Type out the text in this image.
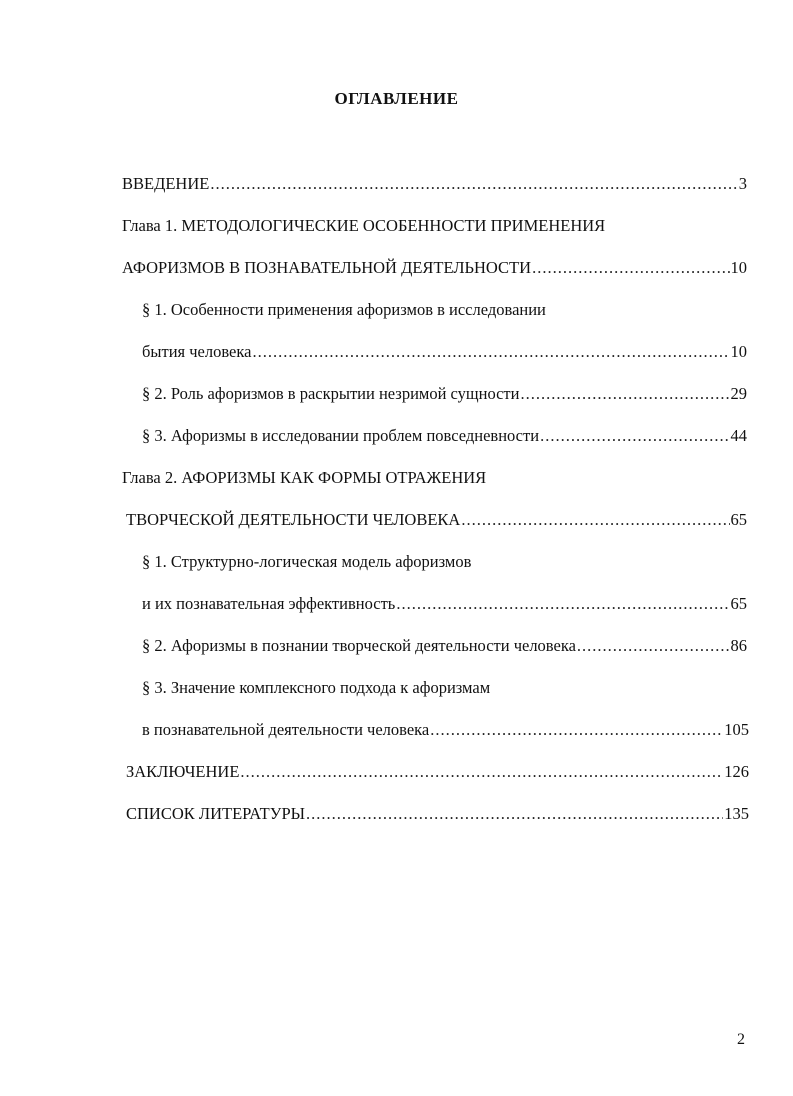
ОГЛАВЛЕНИЕ
ВВЕДЕНИЕ .....	3
Глава 1. МЕТОДОЛОГИЧЕСКИЕ ОСОБЕННОСТИ ПРИМЕНЕНИЯ
АФОРИЗМОВ В ПОЗНАВАТЕЛЬНОЙ ДЕЯТЕЛЬНОСТИ .....	10
§ 1. Особенности применения афоризмов в исследовании
бытия человека .....	10
§ 2. Роль афоризмов в раскрытии незримой сущности .....	29
§ 3. Афоризмы в исследовании проблем повседневности .....	44
Глава 2. АФОРИЗМЫ КАК ФОРМЫ ОТРАЖЕНИЯ
ТВОРЧЕСКОЙ ДЕЯТЕЛЬНОСТИ ЧЕЛОВЕКА .....	65
§ 1. Структурно-логическая модель афоризмов
и их познавательная эффективность .....	65
§ 2. Афоризмы в познании творческой деятельности человека .....	86
§ 3. Значение комплексного подхода к афоризмам
в познавательной деятельности человека .....	105
ЗАКЛЮЧЕНИЕ .....	126
СПИСОК ЛИТЕРАТУРЫ .....	135
2
